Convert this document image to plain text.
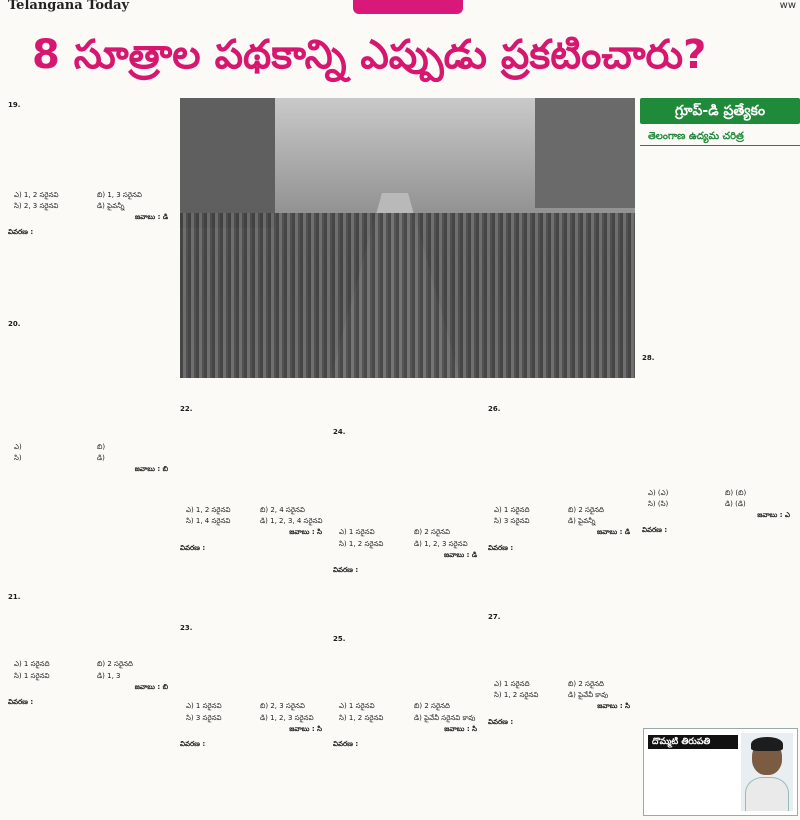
Telangana Today	ww
8 సూత్రాల పథకాన్ని ఎప్పుడు ప్రకటించారు?
19.
ఎ) 1, 2 సరైనవి	బి) 1, 3 సరైనవి
సి) 2, 3 సరైనవి	డి) పైవన్నీ
జవాబు : డి
వివరణ :
20.
ఎ)	బి)
సి)	డి)
జవాబు : బి
21.
ఎ) 1 సరైనది	బి) 2 సరైనది
సి) 1 సరైనవి	డి) 1, 3
జవాబు : బి
వివరణ :
గ్రూప్-డి ప్రత్యేకం
తెలంగాణ ఉద్యమ చరిత్ర
22.
ఎ) 1, 2 సరైనవి	బి) 2, 4 సరైనవి
సి) 1, 4 సరైనవి	డి) 1, 2, 3, 4 సరైనవి
జవాబు : సి
వివరణ :
23.
ఎ) 1 సరైనవి	బి) 2, 3 సరైనవి
సి) 3 సరైనవి	డి) 1, 2, 3 సరైనవి
జవాబు : సి
వివరణ :
24.
ఎ) 1 సరైనవి	బి) 2 సరైనవి
సి) 1, 2 సరైనవి	డి) 1, 2, 3 సరైనవి
జవాబు : డి
వివరణ :
25.
ఎ) 1 సరైనవి	బి) 2 సరైనది
సి) 1, 2 సరైనవి	డి) పైవేవీ సరైనవి కావు
జవాబు : సి
వివరణ :
26.
ఎ) 1 సరైనది	బి) 2 సరైనది
సి) 3 సరైనవి	డి) పైవన్నీ
జవాబు : డి
వివరణ :
27.
ఎ) 1 సరైనది	బి) 2 సరైనది
సి) 1, 2 సరైనవి	డి) పైవేవీ కావు
జవాబు : సి
వివరణ :
28.
ఎ) (ఎ)	బి) (బి)
సి) (సి)	డి) (డి)
జవాబు : ఎ
వివరణ :
దొమ్మటి తిరుపతి
